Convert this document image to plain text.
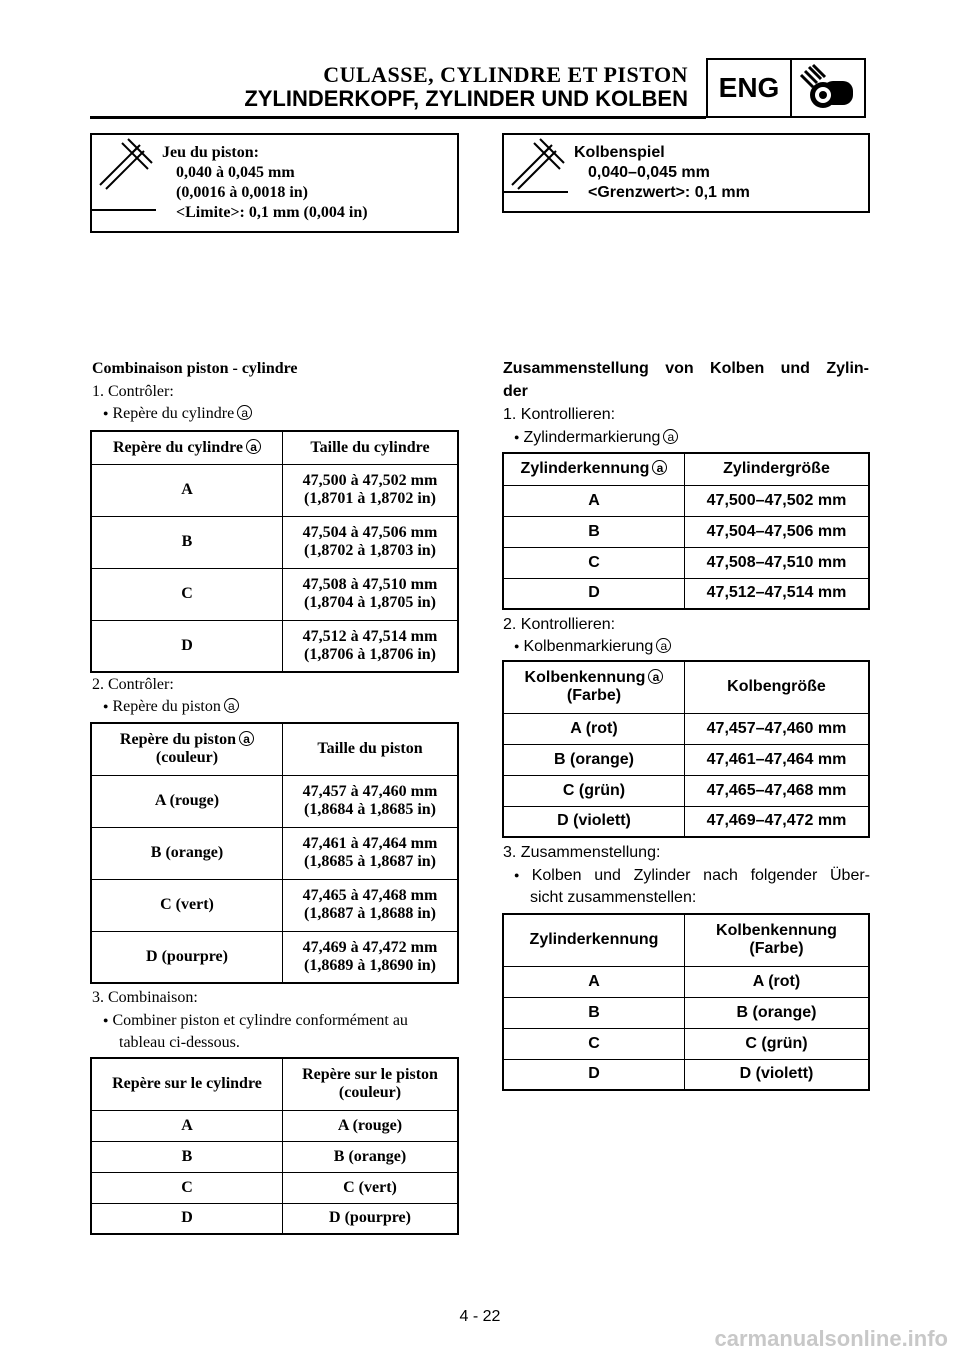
CULASSE, CYLINDRE ET PISTON
ZYLINDERKOPF, ZYLINDER UND KOLBEN	ENG
Jeu du piston:
0,040 à 0,045 mm
(0,0016 à 0,0018 in)
<Limite>: 0,1 mm (0,004 in)
Kolbenspiel
0,040–0,045 mm
<Grenzwert>: 0,1 mm
Combinaison piston - cylindre
1. Contrôler:
● Repère du cylindre a
Repère du cylindre a	Taille du cylindre
A	47,500 à 47,502 mm
(1,8701 à 1,8702 in)

B	47,504 à 47,506 mm
(1,8702 à 1,8703 in)

C	47,508 à 47,510 mm
(1,8704 à 1,8705 in)

D	47,512 à 47,514 mm
(1,8706 à 1,8706 in)
2. Contrôler:
● Repère du piston a
Repère du piston a
(couleur)	Taille du piston
A (rouge)	47,457 à 47,460 mm
(1,8684 à 1,8685 in)

B (orange)	47,461 à 47,464 mm
(1,8685 à 1,8687 in)

C (vert)	47,465 à 47,468 mm
(1,8687 à 1,8688 in)

D (pourpre)	47,469 à 47,472 mm
(1,8689 à 1,8690 in)
3. Combinaison:
● Combiner piston et cylindre conformément au
tableau ci-dessous.
Repère sur le cylindre	Repère sur le piston
(couleur)

A	A (rouge)
B	B (orange)
C	C (vert)
D	D (pourpre)
Zusammenstellung von Kolben und Zylin-
der
1. Kontrollieren:
● Zylindermarkierung a
Zylinderkennung a	Zylindergröße
A	47,500–47,502 mm
B	47,504–47,506 mm
C	47,508–47,510 mm
D	47,512–47,514 mm
2. Kontrollieren:
● Kolbenmarkierung a
Kolbenkennung a
(Farbe)	Kolbengröße
A (rot)	47,457–47,460 mm
B (orange)	47,461–47,464 mm
C (grün)	47,465–47,468 mm
D (violett)	47,469–47,472 mm
3. Zusammenstellung:
● Kolben und Zylinder nach folgender Über-
sicht zusammenstellen:
Zylinderkennung	Kolbenkennung
(Farbe)

A	A (rot)
B	B (orange)
C	C (grün)
D	D (violett)
4 - 22
carmanualsonline.info
